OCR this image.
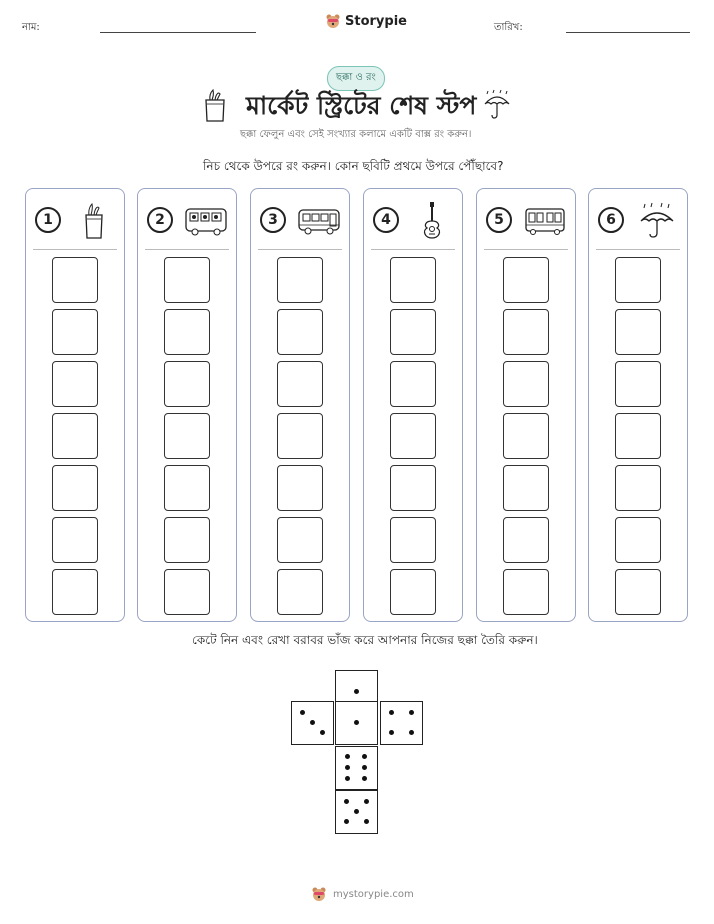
নাম:	Storypie	তারিখ:
ছক্কা ও রং
মার্কেট স্ট্রিটের শেষ স্টপ
ছক্কা ফেলুন এবং সেই সংখ্যার কলামে একটি বাক্স রং করুন।
নিচ থেকে উপরে রং করুন। কোন ছবিটি প্রথমে উপরে পৌঁছাবে?
1	2	3	4	5	6
কেটে নিন এবং রেখা বরাবর ভাঁজ করে আপনার নিজের ছক্কা তৈরি করুন।
mystorypie.com
